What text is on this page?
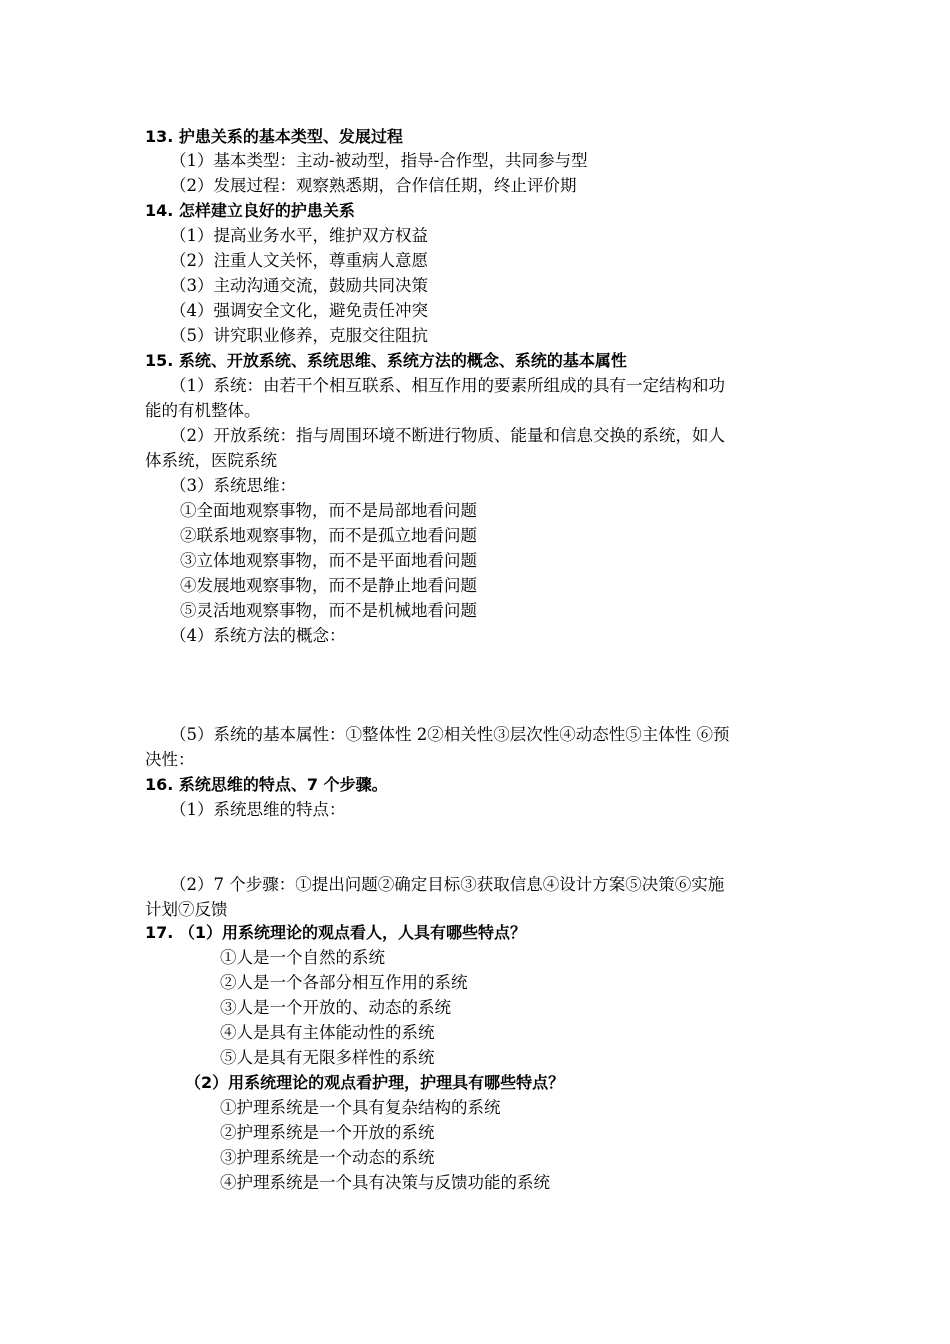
13. 护患关系的基本类型、发展过程
（1）基本类型：主动-被动型，指导-合作型，共同参与型
（2）发展过程：观察熟悉期，合作信任期，终止评价期
14. 怎样建立良好的护患关系
（1）提高业务水平，维护双方权益
（2）注重人文关怀，尊重病人意愿
（3）主动沟通交流，鼓励共同决策
（4）强调安全文化，避免责任冲突
（5）讲究职业修养，克服交往阻抗
15. 系统、开放系统、系统思维、系统方法的概念、系统的基本属性
（1）系统：由若干个相互联系、相互作用的要素所组成的具有一定结构和功
能的有机整体。
（2）开放系统：指与周围环境不断进行物质、能量和信息交换的系统，如人
体系统，医院系统
（3）系统思维：
①全面地观察事物，而不是局部地看问题
②联系地观察事物，而不是孤立地看问题
③立体地观察事物，而不是平面地看问题
④发展地观察事物，而不是静止地看问题
⑤灵活地观察事物，而不是机械地看问题
（4）系统方法的概念：
（5）系统的基本属性：①整体性 2②相关性③层次性④动态性⑤主体性 ⑥预
决性：
16. 系统思维的特点、7 个步骤。
（1）系统思维的特点：
（2）7 个步骤：①提出问题②确定目标③获取信息④设计方案⑤决策⑥实施
计划⑦反馈
17. （1）用系统理论的观点看人，人具有哪些特点？
①人是一个自然的系统
②人是一个各部分相互作用的系统
③人是一个开放的、动态的系统
④人是具有主体能动性的系统
⑤人是具有无限多样性的系统
（2）用系统理论的观点看护理，护理具有哪些特点？
①护理系统是一个具有复杂结构的系统
②护理系统是一个开放的系统
③护理系统是一个动态的系统
④护理系统是一个具有决策与反馈功能的系统
